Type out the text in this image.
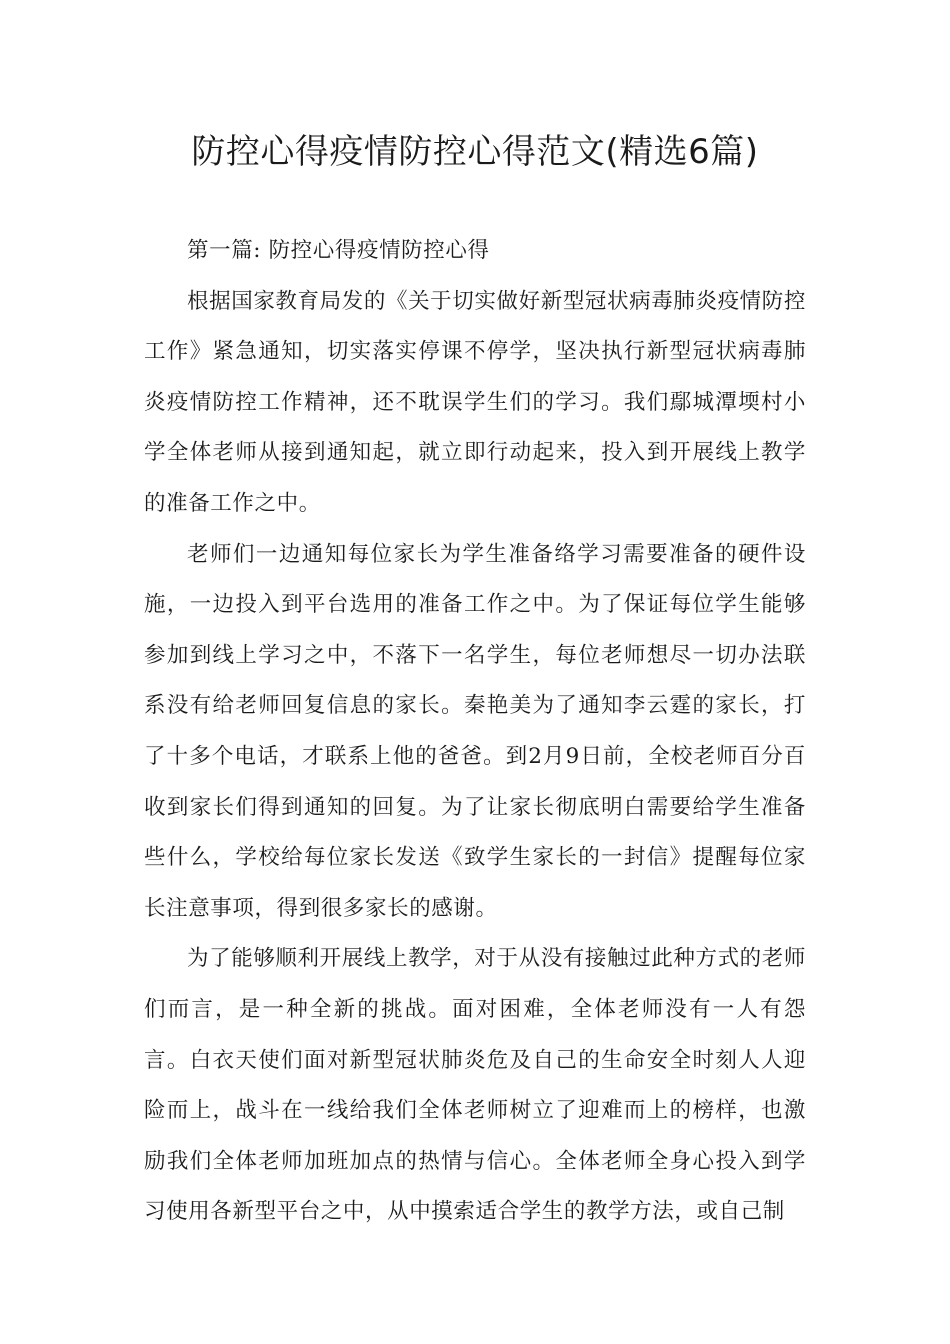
防控心得疫情防控心得范文(精选6篇)

第一篇: 防控心得疫情防控心得

根据国家教育局发的《关于切实做好新型冠状病毒肺炎疫情防控工作》紧急通知，切实落实停课不停学，坚决执行新型冠状病毒肺炎疫情防控工作精神，还不耽误学生们的学习。我们鄢城潭堧村小学全体老师从接到通知起，就立即行动起来，投入到开展线上教学的准备工作之中。

老师们一边通知每位家长为学生准备络学习需要准备的硬件设施，一边投入到平台选用的准备工作之中。为了保证每位学生能够参加到线上学习之中，不落下一名学生，每位老师想尽一切办法联系没有给老师回复信息的家长。秦艳美为了通知李云霆的家长，打了十多个电话，才联系上他的爸爸。到2月9日前，全校老师百分百收到家长们得到通知的回复。为了让家长彻底明白需要给学生准备些什么，学校给每位家长发送《致学生家长的一封信》提醒每位家长注意事项，得到很多家长的感谢。

为了能够顺利开展线上教学，对于从没有接触过此种方式的老师们而言，是一种全新的挑战。面对困难，全体老师没有一人有怨言。白衣天使们面对新型冠状肺炎危及自己的生命安全时刻人人迎险而上，战斗在一线给我们全体老师树立了迎难而上的榜样，也激励我们全体老师加班加点的热情与信心。全体老师全身心投入到学习使用各新型平台之中，从中摸索适合学生的教学方法，或自己制
